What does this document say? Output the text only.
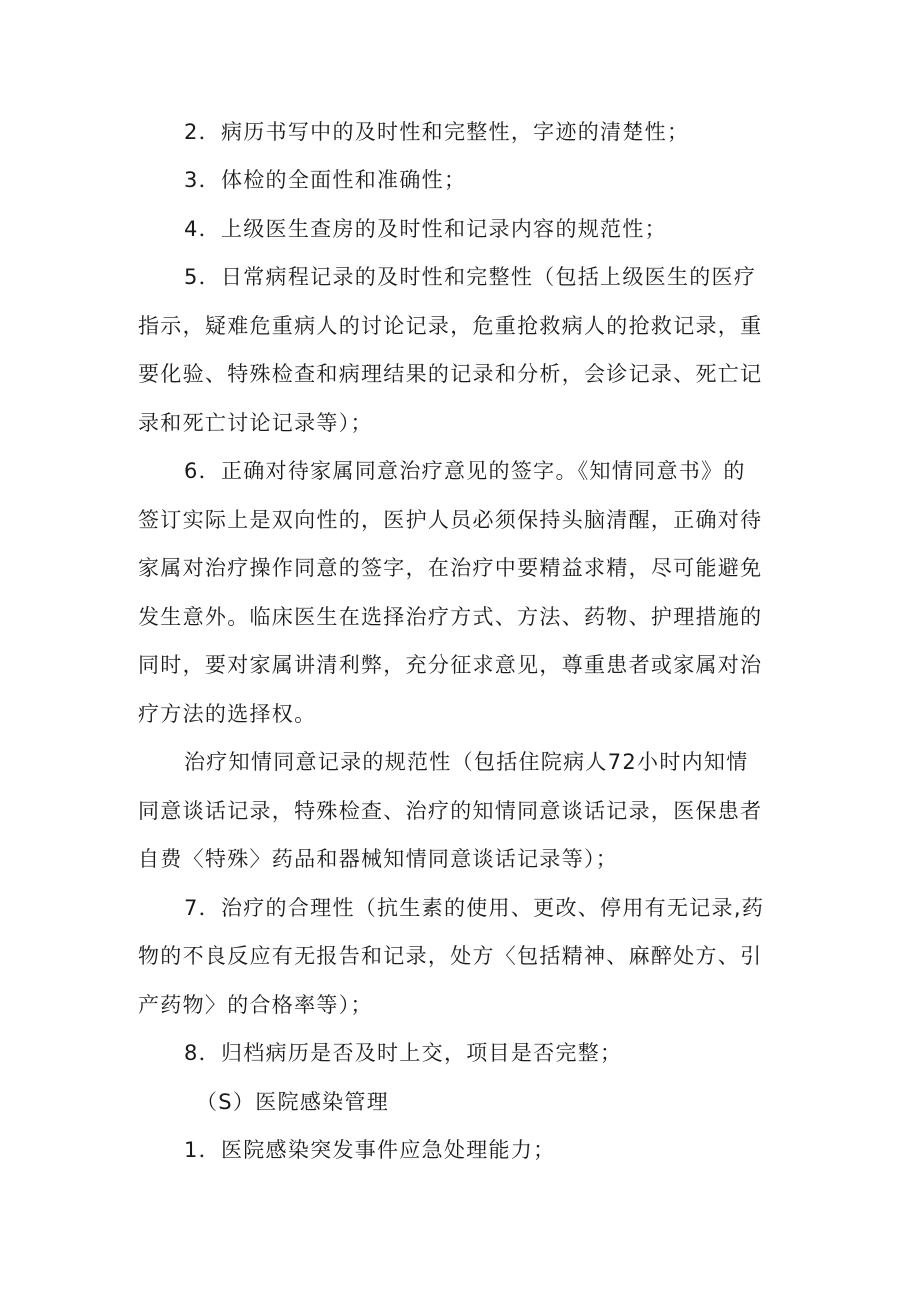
2．病历书写中的及时性和完整性，字迹的清楚性；
3．体检的全面性和准确性；
4．上级医生查房的及时性和记录内容的规范性；
5．日常病程记录的及时性和完整性（包括上级医生的医疗
指示，疑难危重病人的讨论记录，危重抢救病人的抢救记录，重
要化验、特殊检查和病理结果的记录和分析，会诊记录、死亡记
录和死亡讨论记录等）；
6．正确对待家属同意治疗意见的签字。《知情同意书》的
签订实际上是双向性的，医护人员必须保持头脑清醒，正确对待
家属对治疗操作同意的签字，在治疗中要精益求精，尽可能避免
发生意外。临床医生在选择治疗方式、方法、药物、护理措施的
同时，要对家属讲清利弊，充分征求意见，尊重患者或家属对治
疗方法的选择权。
治疗知情同意记录的规范性（包括住院病人72小时内知情
同意谈话记录，特殊检查、治疗的知情同意谈话记录，医保患者
自费〈特殊〉药品和器械知情同意谈话记录等）；
7．治疗的合理性（抗生素的使用、更改、停用有无记录,药
物的不良反应有无报告和记录，处方〈包括精神、麻醉处方、引
产药物〉的合格率等）；
8．归档病历是否及时上交，项目是否完整；
（S）医院感染管理
1．医院感染突发事件应急处理能力；
